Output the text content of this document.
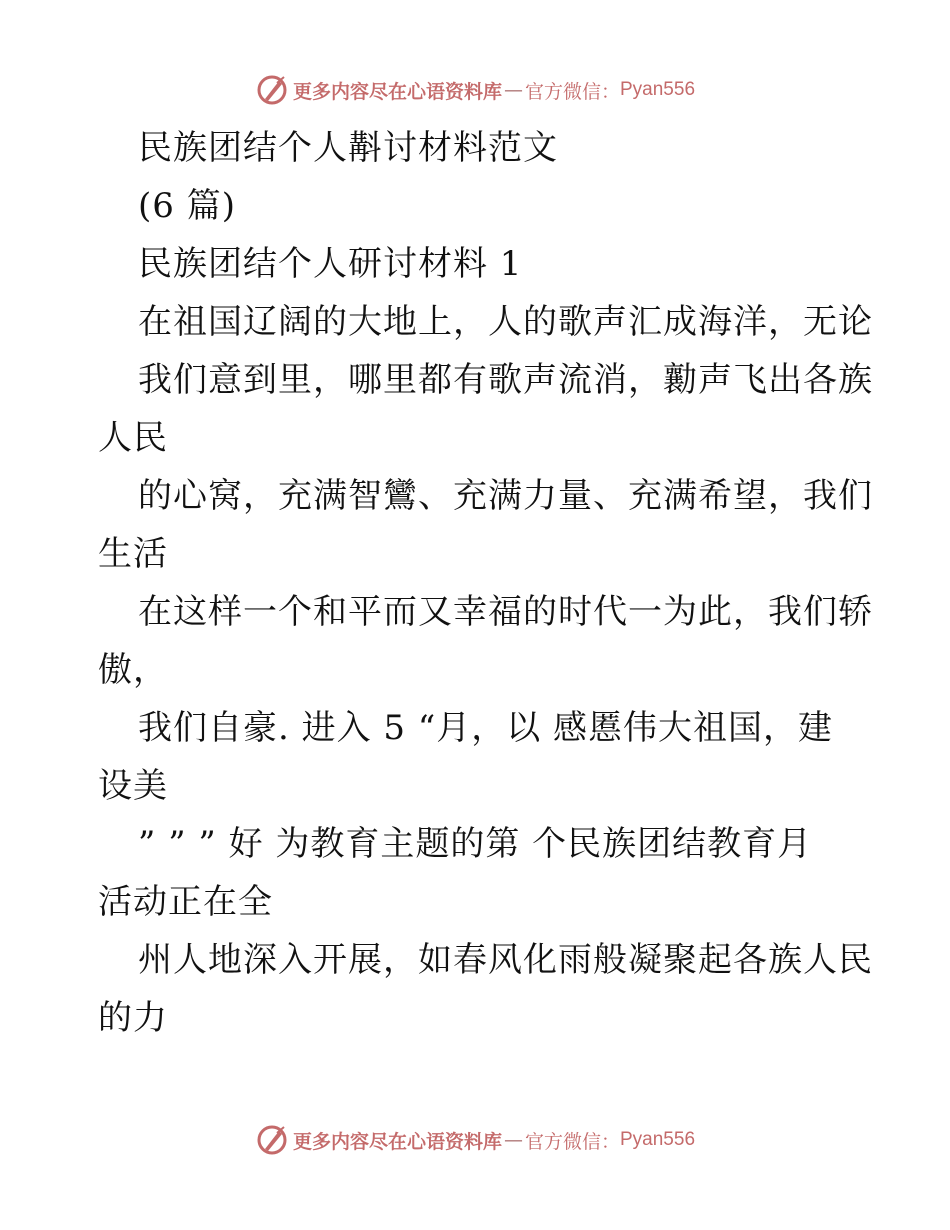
更多内容尽在心语资料库 — 官方微信： Pyan556
民族团结个人斠讨材料范文
(6 篇)
民族团结个人研讨材料 1
在祖国辽阔的大地上，人的歌声汇成海洋，无论
我们意到里，哪里都有歌声流消，勷声飞出各族
人民
的心窝，充满智鸞、充满力量、充满希望，我们
生活
在这样一个和平而又幸福的时代一为此，我们轿
傲，
我们自豪. 进入 5 “月，以 感慝伟大祖国，建
设美
” ” ” 好 为教育主题的第 个民族团结教育月
活动正在全
州人地深入开展，如春风化雨般凝聚起各族人民
的力
更多内容尽在心语资料库 — 官方微信： Pyan556
